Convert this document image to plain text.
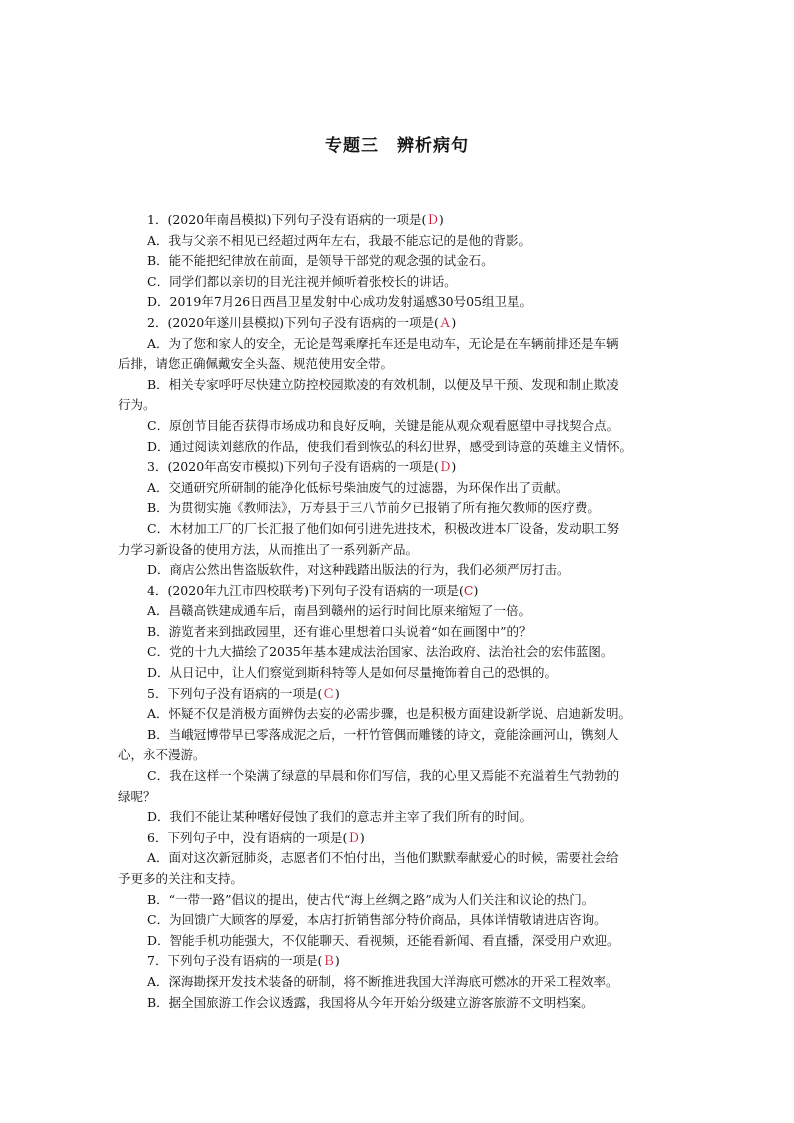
专题三　辨析病句
1．(2020年南昌模拟)下列句子没有语病的一项是(Ｄ)
A．我与父亲不相见已经超过两年左右，我最不能忘记的是他的背影。
B．能不能把纪律放在前面，是领导干部党的观念强的试金石。
C．同学们都以亲切的目光注视并倾听着张校长的讲话。
D．2019年7月26日西昌卫星发射中心成功发射遥感30号05组卫星。
2．(2020年遂川县模拟)下列句子没有语病的一项是(Ａ)
A．为了您和家人的安全，无论是驾乘摩托车还是电动车，无论是在车辆前排还是车辆
后排，请您正确佩戴安全头盔、规范使用安全带。
B．相关专家呼吁尽快建立防控校园欺凌的有效机制，以便及早干预、发现和制止欺凌
行为。
C．原创节目能否获得市场成功和良好反响，关键是能从观众观看愿望中寻找契合点。
D．通过阅读刘慈欣的作品，使我们看到恢弘的科幻世界，感受到诗意的英雄主义情怀。
3．(2020年高安市模拟)下列句子没有语病的一项是(Ｄ)
A．交通研究所研制的能净化低标号柴油废气的过滤器，为环保作出了贡献。
B．为贯彻实施《教师法》，万寿县于三八节前夕已报销了所有拖欠教师的医疗费。
C．木材加工厂的厂长汇报了他们如何引进先进技术，积极改进本厂设备，发动职工努
力学习新设备的使用方法，从而推出了一系列新产品。
D．商店公然出售盗版软件，对这种践踏出版法的行为，我们必须严厉打击。
4．(2020年九江市四校联考)下列句子没有语病的一项是(C)
A．昌赣高铁建成通车后，南昌到赣州的运行时间比原来缩短了一倍。
B．游览者来到拙政园里，还有谁心里想着口头说着“如在画图中”的？
C．党的十九大描绘了2035年基本建成法治国家、法治政府、法治社会的宏伟蓝图。
D．从日记中，让人们察觉到斯科特等人是如何尽量掩饰着自己的恐惧的。
5．下列句子没有语病的一项是(Ｃ)
A．怀疑不仅是消极方面辨伪去妄的必需步骤，也是积极方面建设新学说、启迪新发明。
B．当峨冠博带早已零落成泥之后，一杆竹管偶而雕镂的诗文，竟能涂画河山，镌刻人
心，永不漫游。
C．我在这样一个染满了绿意的早晨和你们写信，我的心里又焉能不充溢着生气勃勃的
绿呢？
D．我们不能让某种嗜好侵蚀了我们的意志并主宰了我们所有的时间。
6．下列句子中，没有语病的一项是(Ｄ)
A．面对这次新冠肺炎，志愿者们不怕付出，当他们默默奉献爱心的时候，需要社会给
予更多的关注和支持。
B．“一带一路”倡议的提出，使古代“海上丝绸之路”成为人们关注和议论的热门。
C．为回馈广大顾客的厚爱，本店打折销售部分特价商品，具体详情敬请进店咨询。
D．智能手机功能强大，不仅能聊天、看视频，还能看新闻、看直播，深受用户欢迎。
7．下列句子没有语病的一项是(Ｂ)
A．深海勘探开发技术装备的研制，将不断推进我国大洋海底可燃冰的开采工程效率。
B．据全国旅游工作会议透露，我国将从今年开始分级建立游客旅游不文明档案。
